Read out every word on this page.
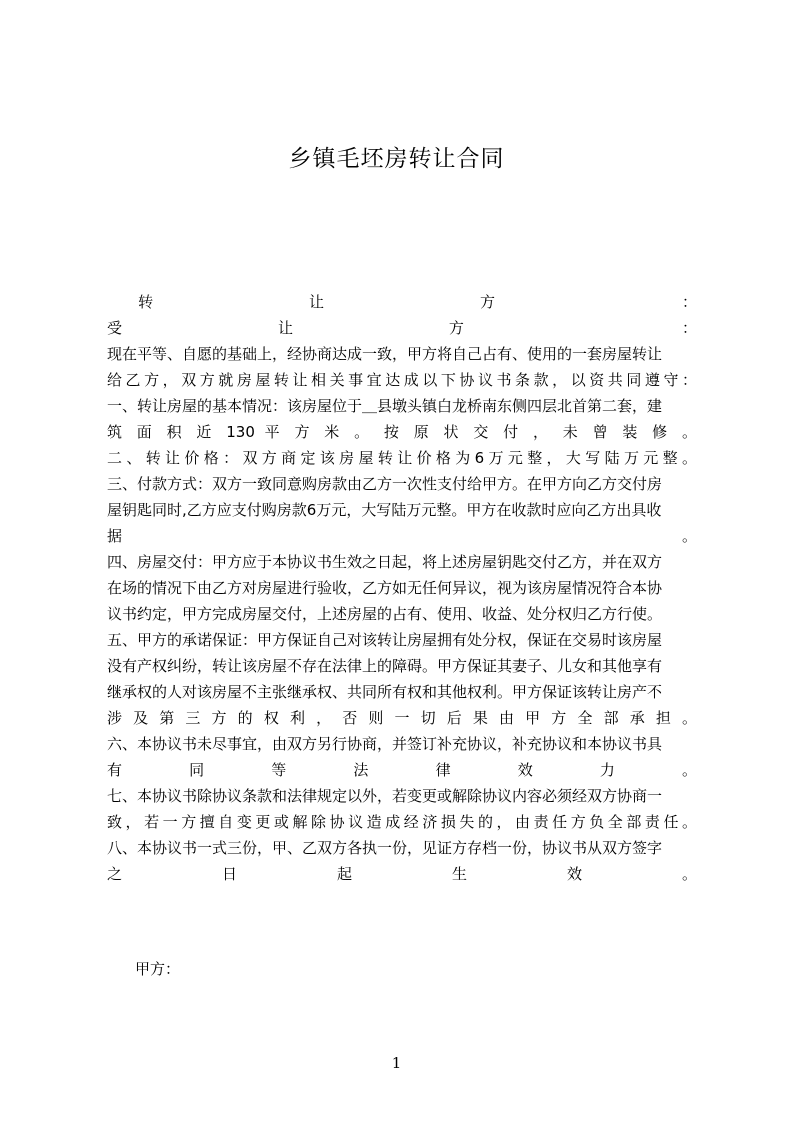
乡镇毛坯房转让合同
　　转　　　　　　　　　　让　　　　　　　　　　方　　　　　　　　　　　　：
受　　　　　　　　　　让　　　　　　　　　　方　　　　　　　　　　　　　　：
现在平等、自愿的基础上，经协商达成一致，甲方将自己占有、使用的一套房屋转让
给乙方，双方就房屋转让相关事宜达成以下协议书条款，以资共同遵守：
一、转让房屋的基本情况：该房屋位于＿县墩头镇白龙桥南东侧四层北首第二套，建
筑 面 积 近 130 平 方 米 。 按 原 状 交 付 ， 未 曾 装 修 。
二、转让价格：双方商定该房屋转让价格为6万元整，大写陆万元整。
三、付款方式：双方一致同意购房款由乙方一次性支付给甲方。在甲方向乙方交付房
屋钥匙同时,乙方应支付购房款6万元，大写陆万元整。甲方在收款时应向乙方出具收
据　　　　　　　　　　　　　　　　　　　　　　　　　　　　　　　　　　。
四、房屋交付：甲方应于本协议书生效之日起，将上述房屋钥匙交付乙方，并在双方
在场的情况下由乙方对房屋进行验收，乙方如无任何异议，视为该房屋情况符合本协
议书约定，甲方完成房屋交付，上述房屋的占有、使用、收益、处分权归乙方行使。
五、甲方的承诺保证：甲方保证自己对该转让房屋拥有处分权，保证在交易时该房屋
没有产权纠纷，转让该房屋不存在法律上的障碍。甲方保证其妻子、儿女和其他享有
继承权的人对该房屋不主张继承权、共同所有权和其他权利。甲方保证该转让房产不
涉及第三方的权利，否则一切后果由甲方全部承担。
六、本协议书未尽事宜，由双方另行协商，并签订补充协议，补充协议和本协议书具
有　　　　同　　　　等　　　　法　　　　律　　　　效　　　　力　　　　。
七、本协议书除协议条款和法律规定以外，若变更或解除协议内容必须经双方协商一
致，若一方擅自变更或解除协议造成经济损失的，由责任方负全部责任。
八、本协议书一式三份，甲、乙双方各执一份，见证方存档一份，协议书从双方签字
之　　　　　　日　　　　　　起　　　　　　生　　　　　　效　　　　　　。
甲方：
1
